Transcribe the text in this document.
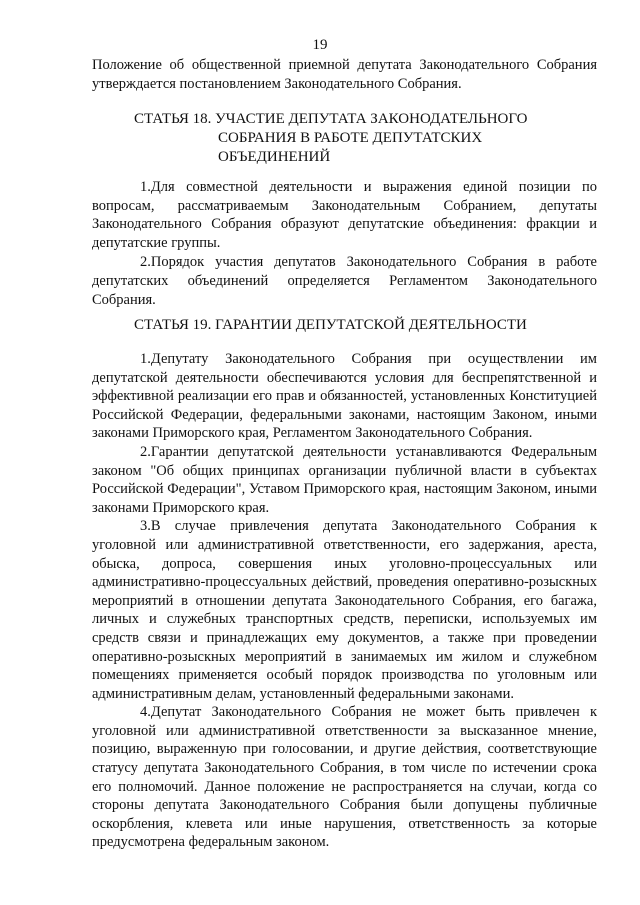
19

Положение об общественной приемной депутата Законодательного Собрания утверждается постановлением Законодательного Собрания.

СТАТЬЯ 18. УЧАСТИЕ ДЕПУТАТА ЗАКОНОДАТЕЛЬНОГО
СОБРАНИЯ В РАБОТЕ ДЕПУТАТСКИХ
ОБЪЕДИНЕНИЙ

1.Для совместной деятельности и выражения единой позиции по вопросам, рассматриваемым Законодательным Собранием, депутаты Законодательного Собрания образуют депутатские объединения: фракции и депутатские группы.

2.Порядок участия депутатов Законодательного Собрания в работе депутатских объединений определяется Регламентом Законодательного Собрания.

СТАТЬЯ 19. ГАРАНТИИ ДЕПУТАТСКОЙ ДЕЯТЕЛЬНОСТИ

1.Депутату Законодательного Собрания при осуществлении им депутатской деятельности обеспечиваются условия для беспрепятственной и эффективной реализации его прав и обязанностей, установленных Конституцией Российской Федерации, федеральными законами, настоящим Законом, иными законами Приморского края, Регламентом Законодательного Собрания.

2.Гарантии депутатской деятельности устанавливаются Федеральным законом "Об общих принципах организации публичной власти в субъектах Российской Федерации", Уставом Приморского края, настоящим Законом, иными законами Приморского края.

3.В случае привлечения депутата Законодательного Собрания к уголовной или административной ответственности, его задержания, ареста, обыска, допроса, совершения иных уголовно-процессуальных или административно-процессуальных действий, проведения оперативно-розыскных мероприятий в отношении депутата Законодательного Собрания, его багажа, личных и служебных транспортных средств, переписки, используемых им средств связи и принадлежащих ему документов, а также при проведении оперативно-розыскных мероприятий в занимаемых им жилом и служебном помещениях применяется особый порядок производства по уголовным или административным делам, установленный федеральными законами.

4.Депутат Законодательного Собрания не может быть привлечен к уголовной или административной ответственности за высказанное мнение, позицию, выраженную при голосовании, и другие действия, соответствующие статусу депутата Законодательного Собрания, в том числе по истечении срока его полномочий. Данное положение не распространяется на случаи, когда со стороны депутата Законодательного Собрания были допущены публичные оскорбления, клевета или иные нарушения, ответственность за которые предусмотрена федеральным законом.
